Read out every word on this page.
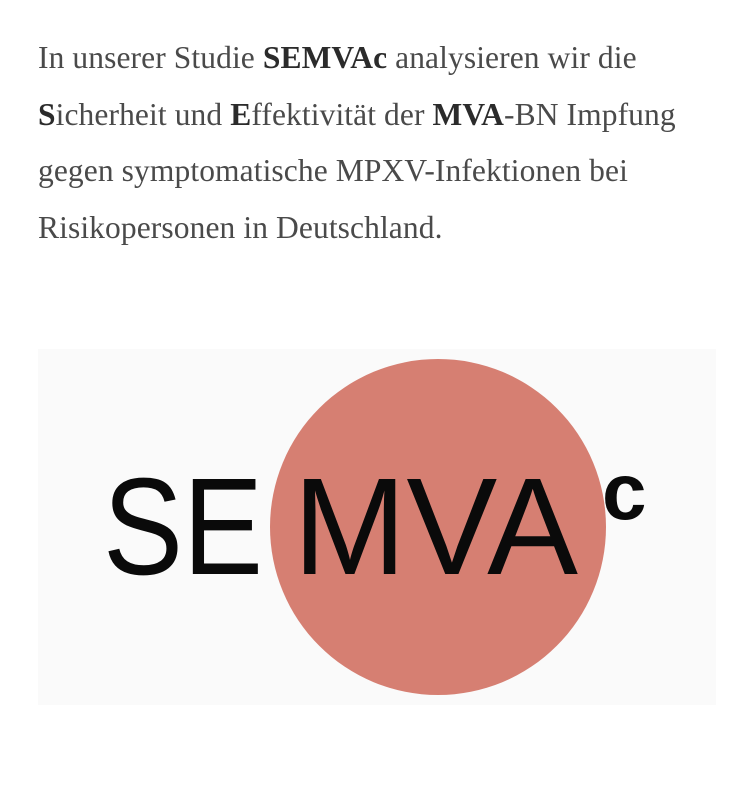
In unserer Studie SEMVAc analysieren wir die
Sicherheit und Effektivität der MVA-BN Impfung gegen symptomatische MPXV-Infektionen bei Risikopersonen in Deutschland.

SE MVA c
